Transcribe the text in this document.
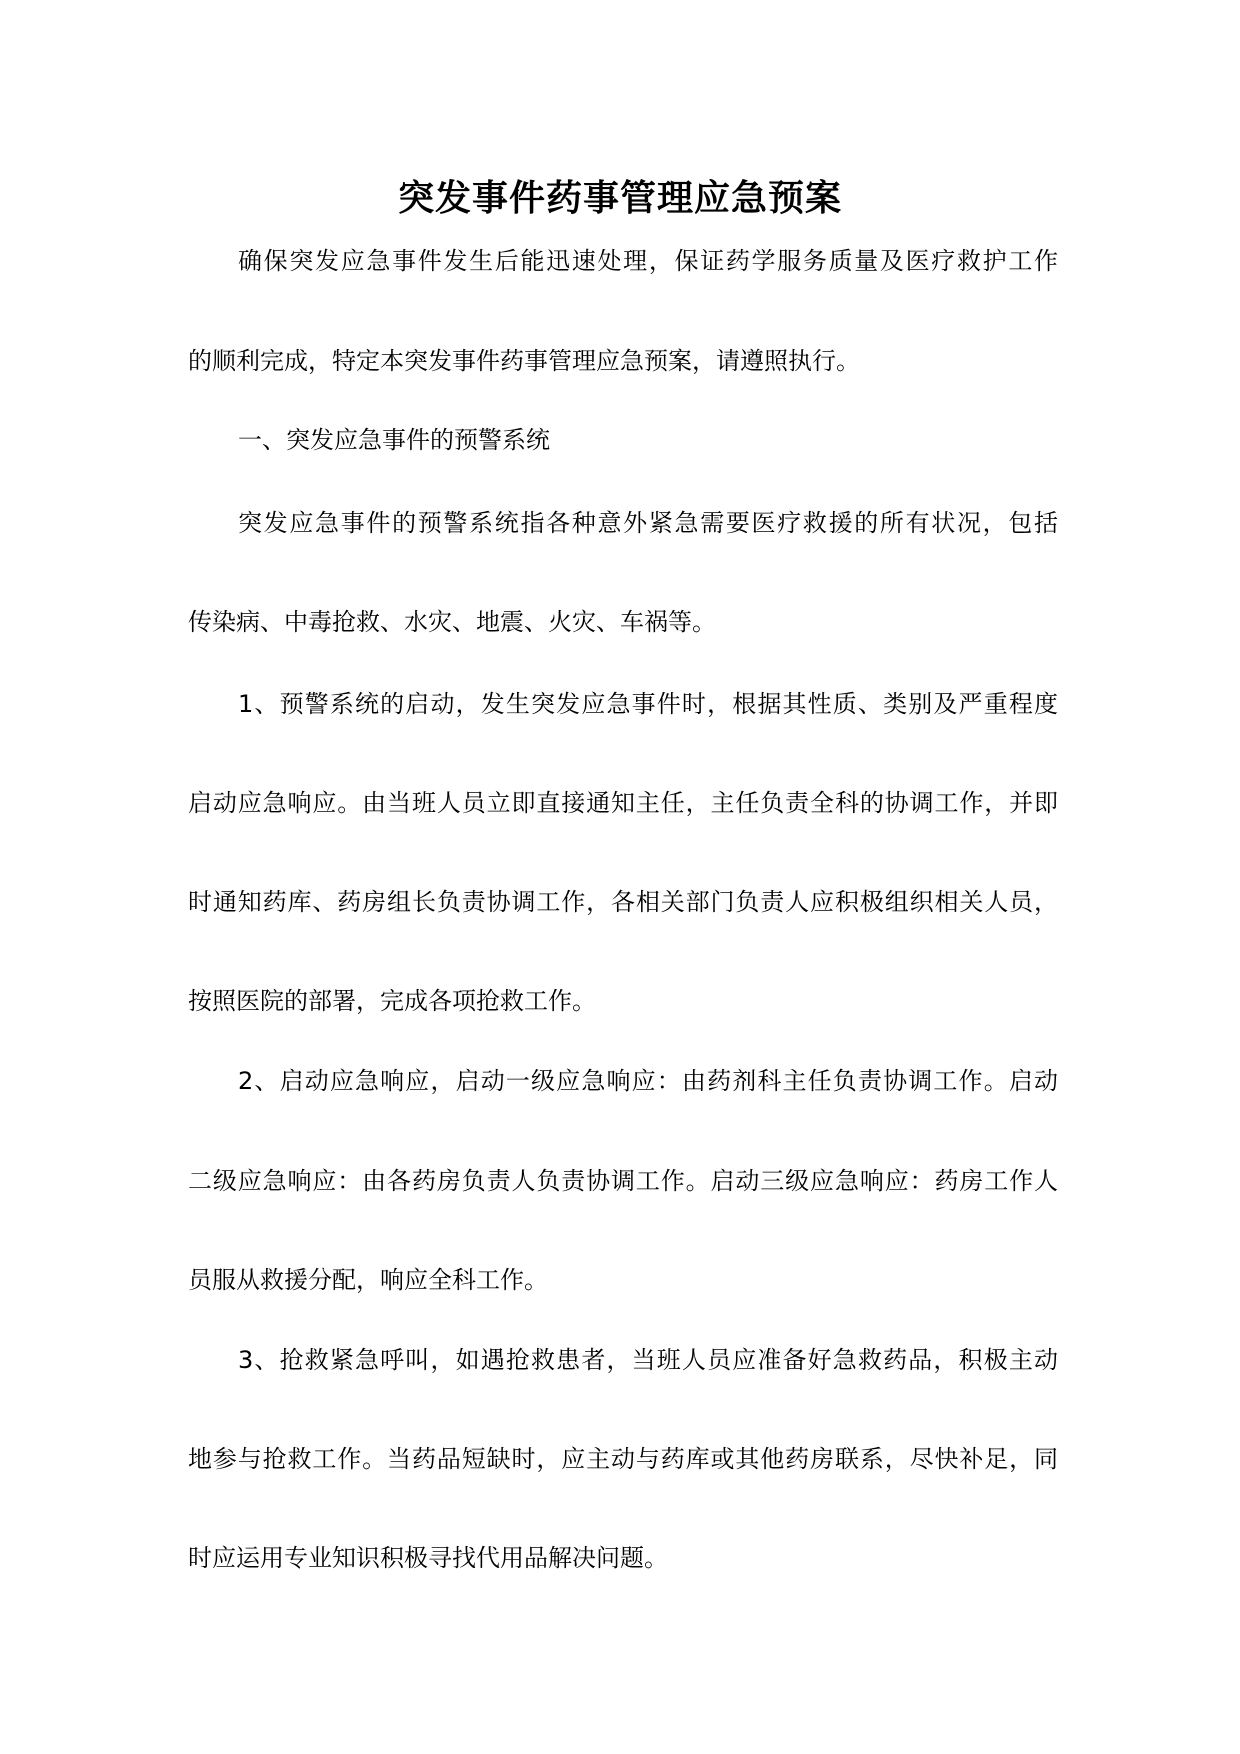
突发事件药事管理应急预案
确保突发应急事件发生后能迅速处理，保证药学服务质量及医疗救护工作
的顺利完成，特定本突发事件药事管理应急预案，请遵照执行。
一、突发应急事件的预警系统
突发应急事件的预警系统指各种意外紧急需要医疗救援的所有状况，包括
传染病、中毒抢救、水灾、地震、火灾、车祸等。
1、预警系统的启动，发生突发应急事件时，根据其性质、类别及严重程度
启动应急响应。由当班人员立即直接通知主任，主任负责全科的协调工作，并即
时通知药库、药房组长负责协调工作，各相关部门负责人应积极组织相关人员，
按照医院的部署，完成各项抢救工作。
2、启动应急响应，启动一级应急响应：由药剂科主任负责协调工作。启动
二级应急响应：由各药房负责人负责协调工作。启动三级应急响应：药房工作人
员服从救援分配，响应全科工作。
3、抢救紧急呼叫，如遇抢救患者，当班人员应准备好急救药品，积极主动
地参与抢救工作。当药品短缺时，应主动与药库或其他药房联系，尽快补足，同
时应运用专业知识积极寻找代用品解决问题。
